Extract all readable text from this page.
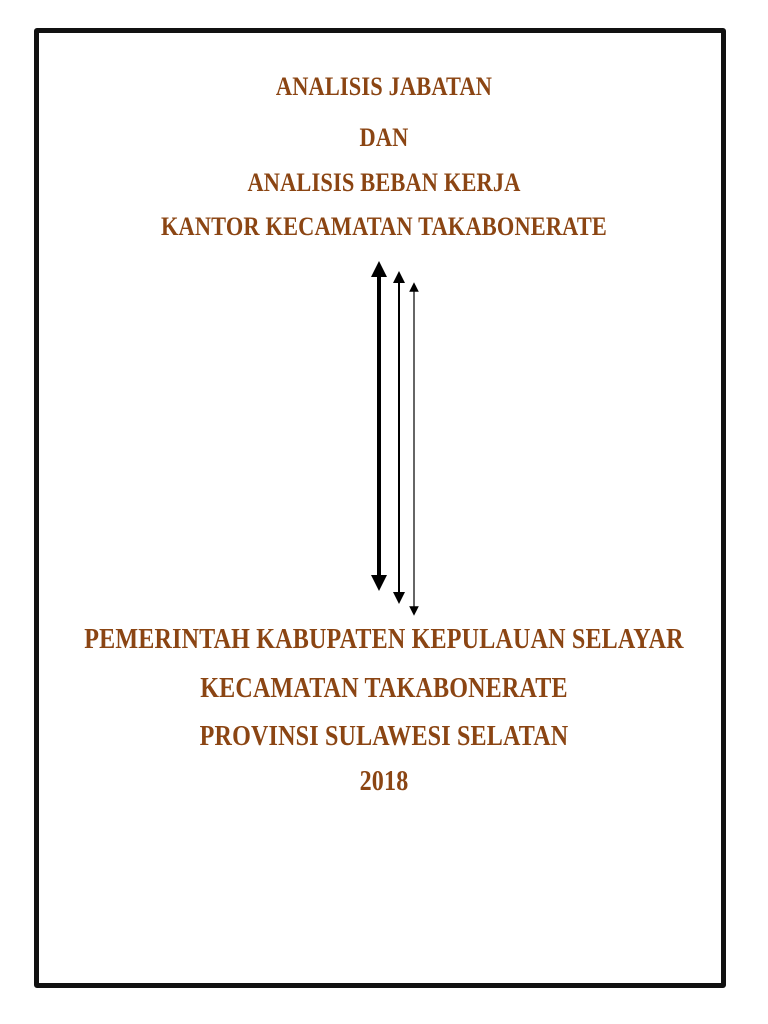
ANALISIS JABATAN
DAN
ANALISIS BEBAN KERJA
KANTOR KECAMATAN TAKABONERATE
PEMERINTAH KABUPATEN KEPULAUAN SELAYAR
KECAMATAN TAKABONERATE
PROVINSI SULAWESI SELATAN
2018
